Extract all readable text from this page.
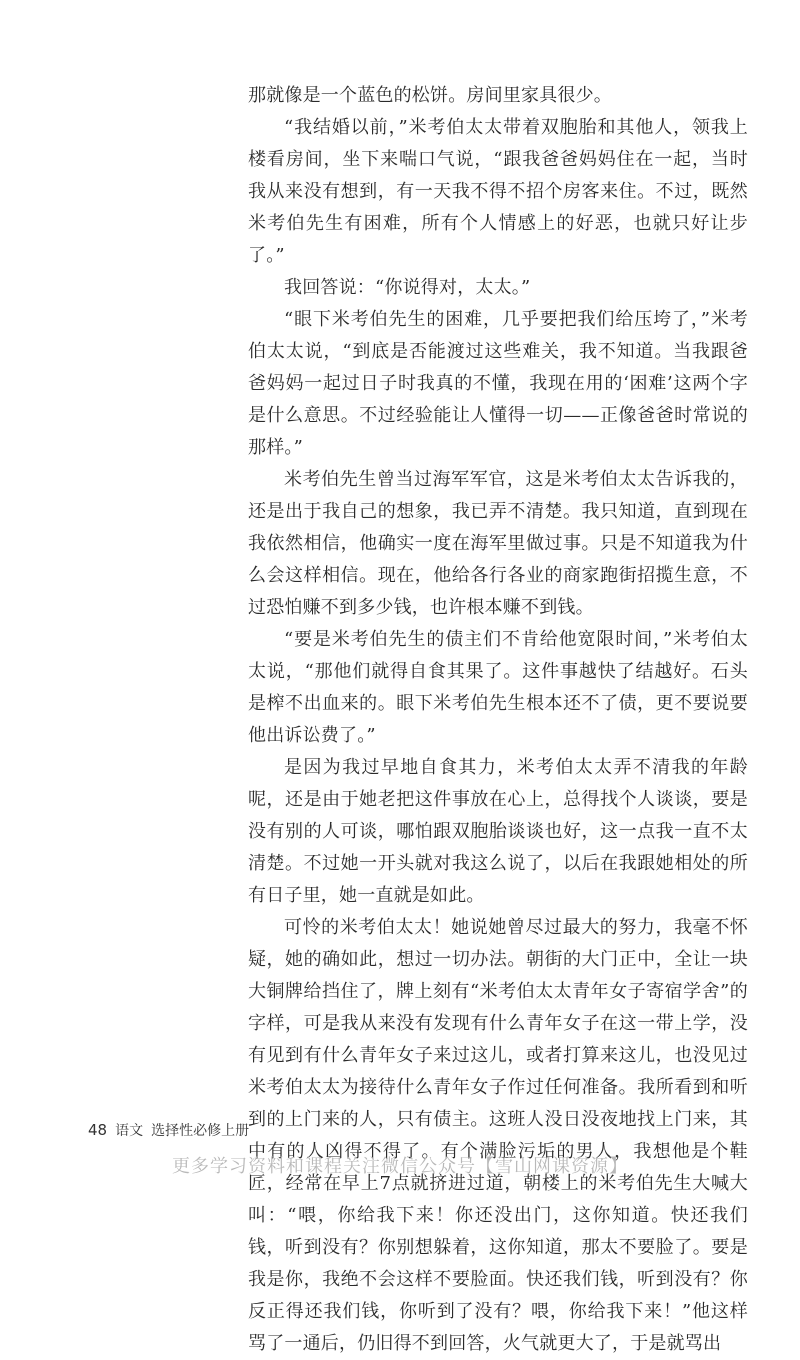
那就像是一个蓝色的松饼。房间里家具很少。

“我结婚以前，”米考伯太太带着双胞胎和其他人，领我上楼看房间，坐下来喘口气说，“跟我爸爸妈妈住在一起，当时我从来没有想到，有一天我不得不招个房客来住。不过，既然米考伯先生有困难，所有个人情感上的好恶，也就只好让步了。”

我回答说：“你说得对，太太。”

“眼下米考伯先生的困难，几乎要把我们给压垮了，”米考伯太太说，“到底是否能渡过这些难关，我不知道。当我跟爸爸妈妈一起过日子时我真的不懂，我现在用的‘困难’这两个字是什么意思。不过经验能让人懂得一切——正像爸爸时常说的那样。”

米考伯先生曾当过海军军官，这是米考伯太太告诉我的，还是出于我自己的想象，我已弄不清楚。我只知道，直到现在我依然相信，他确实一度在海军里做过事。只是不知道我为什么会这样相信。现在，他给各行各业的商家跑街招揽生意，不过恐怕赚不到多少钱，也许根本赚不到钱。

“要是米考伯先生的债主们不肯给他宽限时间，”米考伯太太说，“那他们就得自食其果了。这件事越快了结越好。石头是榨不出血来的。眼下米考伯先生根本还不了债，更不要说要他出诉讼费了。”

是因为我过早地自食其力，米考伯太太弄不清我的年龄呢，还是由于她老把这件事放在心上，总得找个人谈谈，要是没有别的人可谈，哪怕跟双胞胎谈谈也好，这一点我一直不太清楚。不过她一开头就对我这么说了，以后在我跟她相处的所有日子里，她一直就是如此。

可怜的米考伯太太！她说她曾尽过最大的努力，我毫不怀疑，她的确如此，想过一切办法。朝街的大门正中，全让一块大铜牌给挡住了，牌上刻有“米考伯太太青年女子寄宿学舍”的字样，可是我从来没有发现有什么青年女子在这一带上学，没有见到有什么青年女子来过这儿，或者打算来这儿，也没见过米考伯太太为接待什么青年女子作过任何准备。我所看到和听到的上门来的人，只有债主。这班人没日没夜地找上门来，其中有的人凶得不得了。有个满脸污垢的男人，我想他是个鞋匠，经常在早上7点就挤进过道，朝楼上的米考伯先生大喊大叫：“喂，你给我下来！你还没出门，这你知道。快还我们钱，听到没有？你别想躲着，这你知道，那太不要脸了。要是我是你，我绝不会这样不要脸面。快还我们钱，听到没有？你反正得还我们钱，你听到了没有？喂，你给我下来！”他这样骂了一通后，仍旧得不到回答，火气就更大了，于是就骂出

48 语文 选择性必修上册
更多学习资料和课程关注微信公众号【雪山网课资源】
